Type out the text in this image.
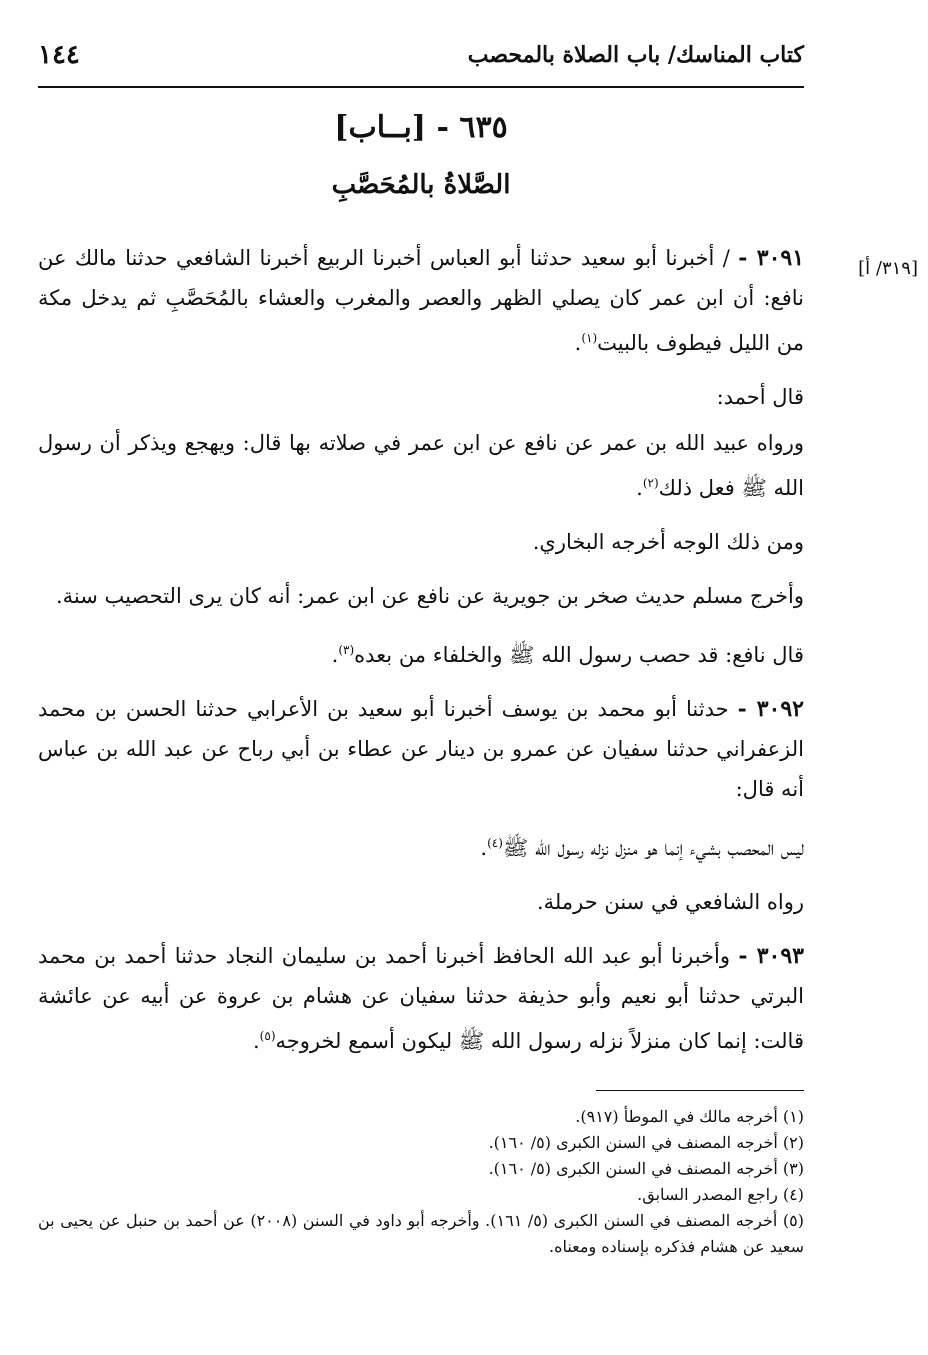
كتاب المناسك/ باب الصلاة بالمحصب
١٤٤
٦٣٥ - [بــاب]
الصَّلاةُ بالمُحَصَّبِ
[٣١٩/ أ]

٣٠٩١ - / أخبرنا أبو سعيد حدثنا أبو العباس أخبرنا الربيع أخبرنا الشافعي حدثنا مالك عن نافع: أن ابن عمر كان يصلي الظهر والعصر والمغرب والعشاء بالمُحَصَّبِ ثم يدخل مكة من الليل فيطوف بالبيت$^{(١)}$.

قال أحمد:

ورواه عبيد الله بن عمر عن نافع عن ابن عمر في صلاته بها قال: ويهجع ويذكر أن رسول الله ﷺ فعل ذلك$^{(٢)}$.

ومن ذلك الوجه أخرجه البخاري.

وأخرج مسلم حديث صخر بن جويرية عن نافع عن ابن عمر: أنه كان يرى التحصيب سنة.

قال نافع: قد حصب رسول الله ﷺ والخلفاء من بعده$^{(٣)}$.

٣٠٩٢ - حدثنا أبو محمد بن يوسف أخبرنا أبو سعيد بن الأعرابي حدثنا الحسن بن محمد الزعفراني حدثنا سفيان عن عمرو بن دينار عن عطاء بن أبي رباح عن عبد الله بن عباس أنه قال:

ليس المحصب بشيء إنما هو منزل نزله رسول الله ﷺ$^{(٤)}$.

رواه الشافعي في سنن حرملة.

٣٠٩٣ - وأخبرنا أبو عبد الله الحافظ أخبرنا أحمد بن سليمان النجاد حدثنا أحمد بن محمد البرتي حدثنا أبو نعيم وأبو حذيفة حدثنا سفيان عن هشام بن عروة عن أبيه عن عائشة قالت: إنما كان منزلاً نزله رسول الله ﷺ ليكون أسمع لخروجه$^{(٥)}$.

(١) أخرجه مالك في الموطأ (٩١٧).

(٢) أخرجه المصنف في السنن الكبرى (٥/ ١٦٠).

(٣) أخرجه المصنف في السنن الكبرى (٥/ ١٦٠).

(٤) راجع المصدر السابق.

(٥) أخرجه المصنف في السنن الكبرى (٥/ ١٦١). وأخرجه أبو داود في السنن (٢٠٠٨) عن أحمد بن حنبل عن يحيى بن سعيد عن هشام فذكره بإسناده ومعناه.
